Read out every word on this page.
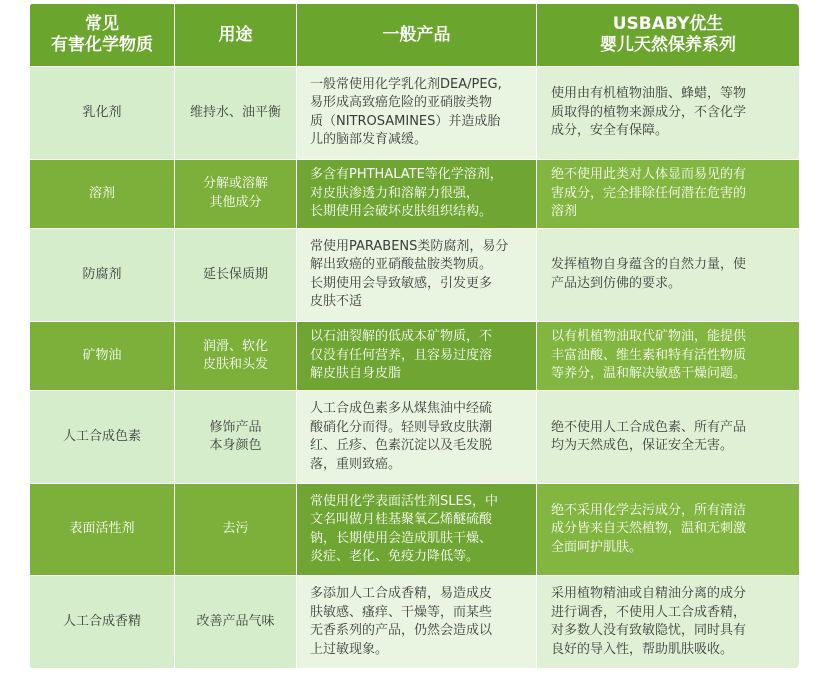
常见
有害化学物质	用途	一般产品	USBABY优生
婴儿天然保养系列

乳化剂	维持水、油平衡	一般常使用化学乳化剂DEA/PEG,
易形成高致癌危险的亚硝胺类物
质（NITROSAMINES）并造成胎
儿的脑部发育减缓。	使用由有机植物油脂、蜂蜡，等物
质取得的植物来源成分，不含化学
成分，安全有保障。

溶剂	分解或溶解
其他成分	多含有PHTHALATE等化学溶剂，
对皮肤渗透力和溶解力很强，
长期使用会破坏皮肤组织结构。	绝不使用此类对人体显而易见的有
害成分，完全排除任何潜在危害的
溶剂

防腐剂	延长保质期	常使用PARABENS类防腐剂，易分
解出致癌的亚硝酸盐胺类物质。
长期使用会导致敏感，引发更多
皮肤不适	发挥植物自身蕴含的自然力量，使
产品达到仿佛的要求。

矿物油	润滑、软化
皮肤和头发	以石油裂解的低成本矿物质，不
仅没有任何营养，且容易过度溶
解皮肤自身皮脂	以有机植物油取代矿物油，能提供
丰富油酸、维生素和特有活性物质
等养分，温和解决敏感干燥问题。

人工合成色素	修饰产品
本身颜色	人工合成色素多从煤焦油中经硫
酸硝化分而得。轻则导致皮肤潮
红、丘疹、色素沉淀以及毛发脱
落，重则致癌。	绝不使用人工合成色素、所有产品
均为天然成色，保证安全无害。

表面活性剂	去污	常使用化学表面活性剂SLES，中
文名叫做月桂基聚氧乙烯醚硫酸
钠，长期使用会造成肌肤干燥、
炎症、老化、免疫力降低等。	绝不采用化学去污成分，所有清洁
成分皆来自天然植物，温和无刺激
全面呵护肌肤。

人工合成香精	改善产品气味	多添加人工合成香精，易造成皮
肤敏感、瘙痒、干燥等，而某些
无香系列的产品，仍然会造成以
上过敏现象。	采用植物精油或自精油分离的成分
进行调香，不使用人工合成香精，
对多数人没有致敏隐忧，同时具有
良好的导入性，帮助肌肤吸收。
